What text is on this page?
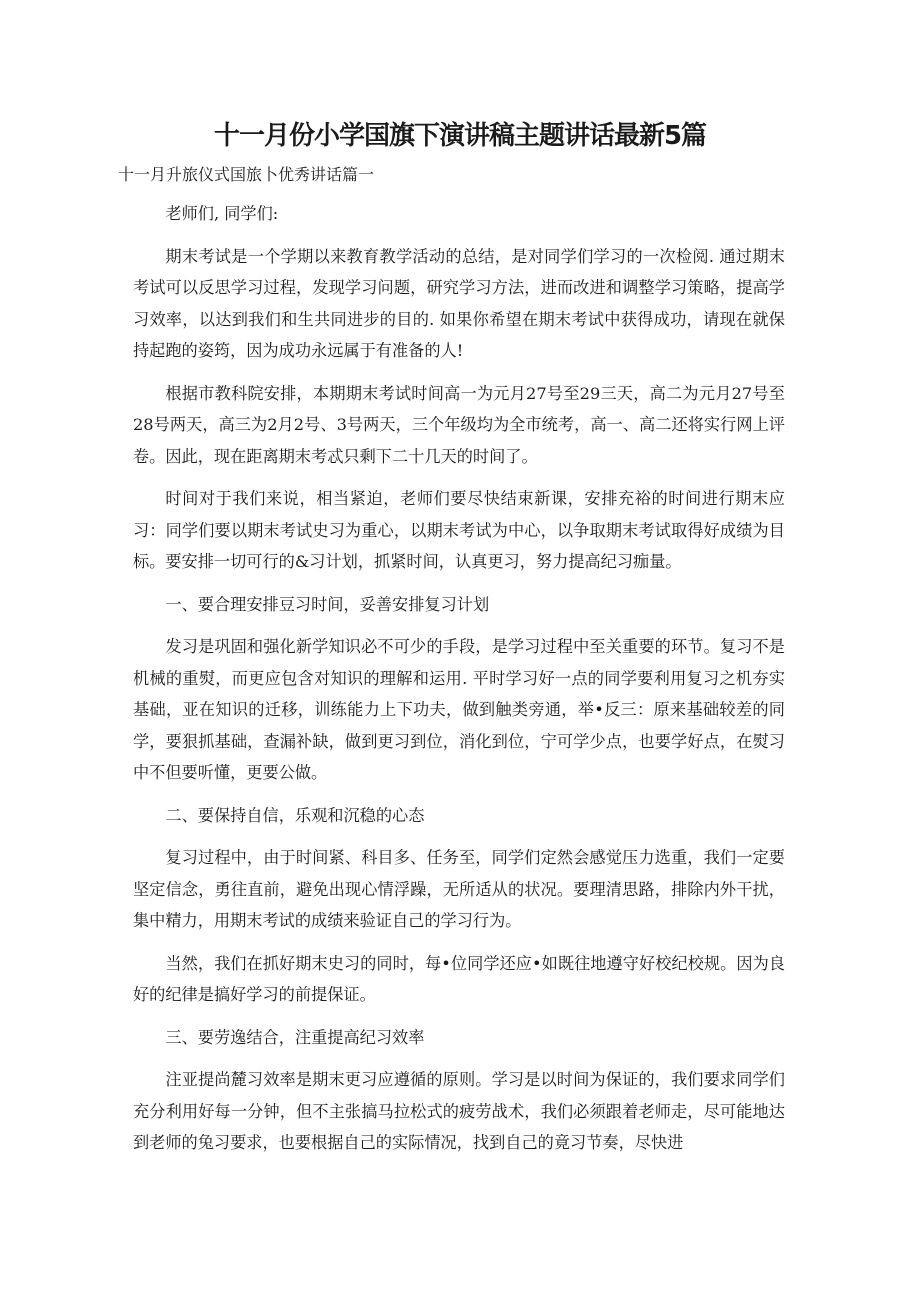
十一月份小学国旗下演讲稿主题讲话最新5篇

十一月升旅仪式国旅卜优秀讲话篇一

老师们, 同学们:

期末考试是一个学期以来教育教学活动的总结，是对同学们学习的一次检阅. 通过期末考试可以反思学习过程，发现学习问题，研究学习方法，进而改进和调整学习策略，提高学习效率，以达到我们和生共同进步的目的. 如果你希望在期末考试中获得成功，请现在就保持起跑的姿筠，因为成功永远属于有准备的人!

根据市教科院安排，本期期末考试时间高一为元月27号至29三天，高二为元月27号至28号两天，高三为2月2号、3号两天，三个年级均为全市统考，高一、高二还将实行网上评卷。因此，现在距离期末考忒只剩下二十几天的时间了。

时间对于我们来说，相当紧迫，老师们要尽快结束新课，安排充裕的时间进行期末应习：同学们要以期末考试史习为重心，以期末考试为中心，以争取期末考试取得好成绩为目标。要安排一切可行的&习计划，抓紧时间，认真更习，努力提高纪习痂量。

一、要合理安排豆习时间，妥善安排复习计划

发习是巩固和强化新学知识必不可少的手段，是学习过程中至关重要的环节。复习不是机械的重熨，而更应包含对知识的理解和运用. 平时学习好一点的同学要利用复习之机夯实基础，亚在知识的迁移，训练能力上下功夫，做到触类旁通，举•反三：原来基础较差的同学，要狠抓基础，查漏补缺，做到更习到位，消化到位，宁可学少点，也要学好点，在熨习中不但要听懂，更要公做。

二、要保持自信，乐观和沉稳的心态

复习过程中，由于时间紧、科目多、任务至，同学们定然会感觉压力选重，我们一定要坚定信念，勇往直前，避免出现心情浮躁，无所适从的状况。要理清思路，排除内外干扰，集中精力，用期末考试的成绩来验证自己的学习行为。

当然，我们在抓好期末史习的同时，每•位同学还应•如既往地遵守好校纪校规。因为良好的纪律是搞好学习的前提保证。

三、要劳逸结合，注重提高纪习效率

注亚提尚麓习效率是期末更习应遵循的原则。学习是以时间为保证的，我们要求同学们充分利用好每一分钟，但不主张搞马拉松式的疲劳战术，我们必须跟着老师走，尽可能地达到老师的兔习要求，也要根据自己的实际情况，找到自己的竟习节奏，尽快进
